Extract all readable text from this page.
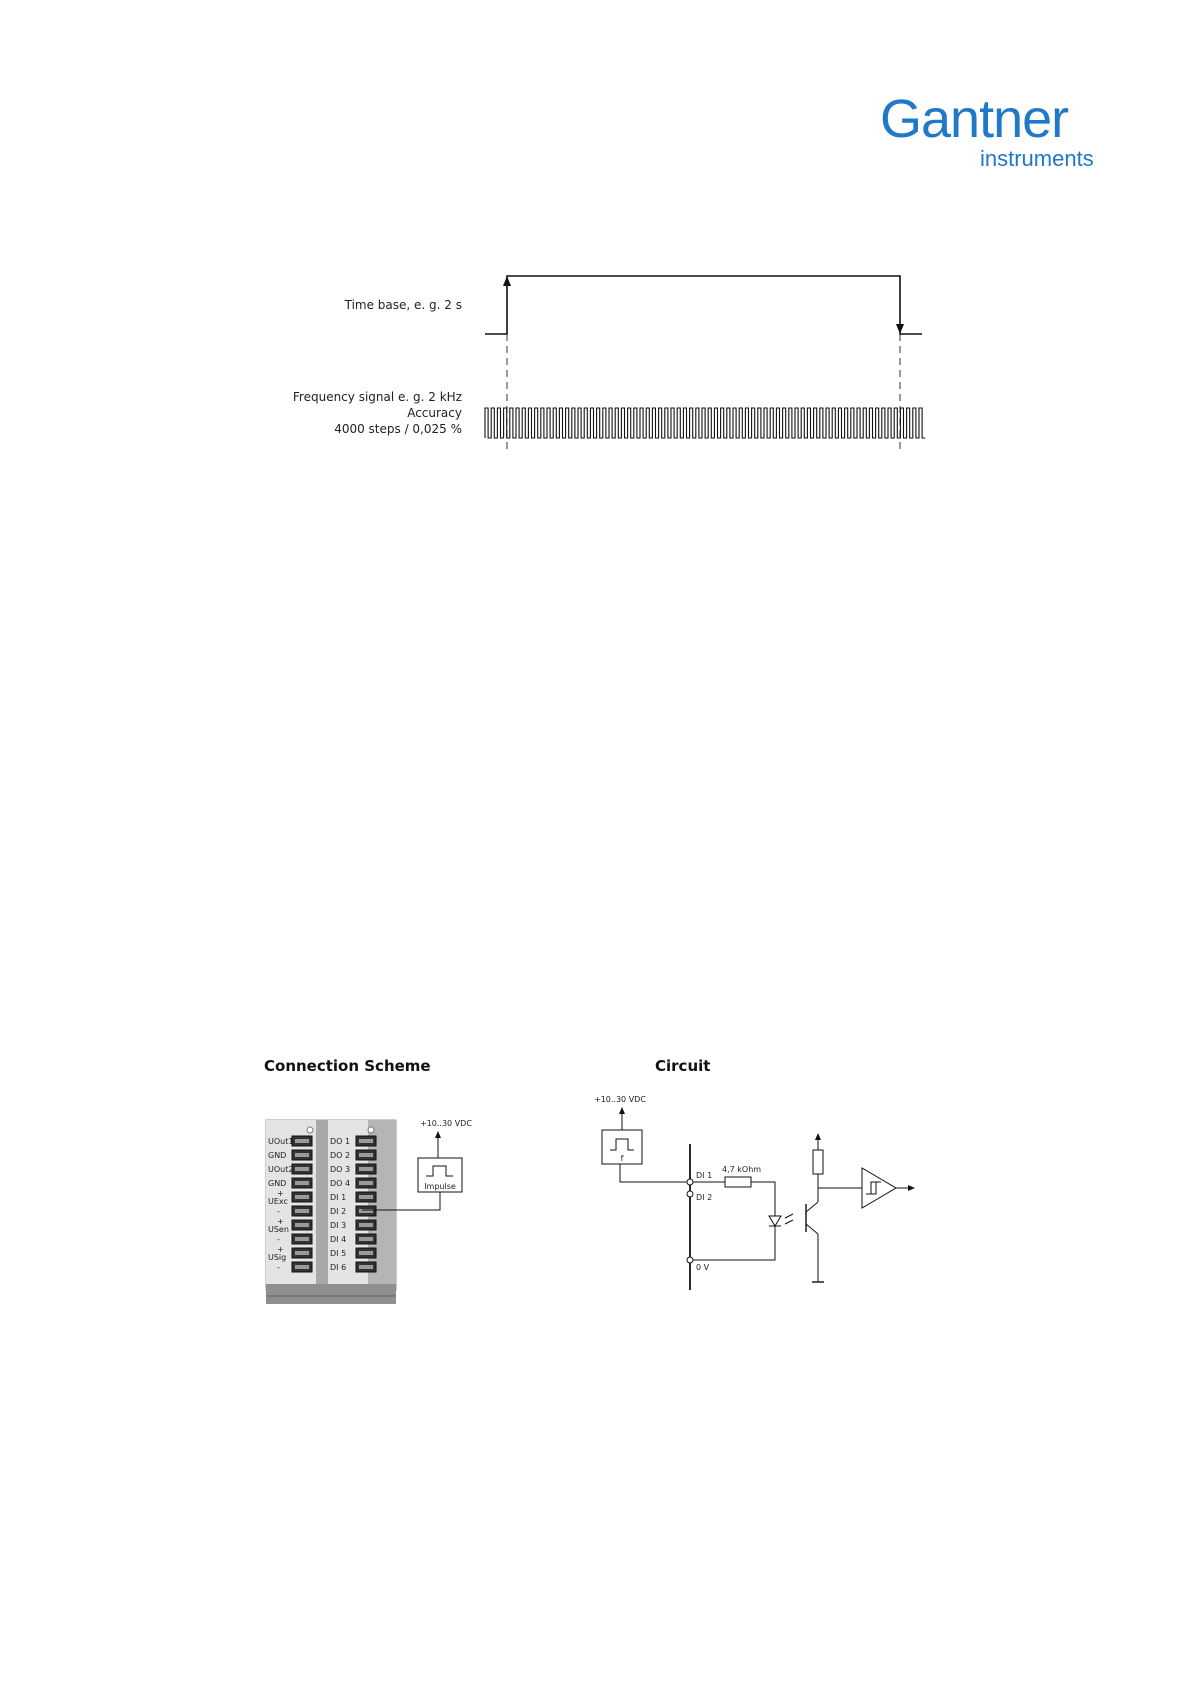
Gantner
instruments
Time base, e. g. 2 s
Frequency signal e. g. 2 kHz
Accuracy
4000 steps / 0,025 %
Connection Scheme	Circuit
UOut1
GND
UOut2
GND
+
UExc
-
+
USen
-
+
USig
-
DO 1
DO 2
DO 3
DO 4
DI 1
DI 2
DI 3
DI 4
DI 5
DI 6
+10..30 VDC
Impulse
+10..30 VDC
f
DI 1
DI 2
0 V
4,7 kOhm
